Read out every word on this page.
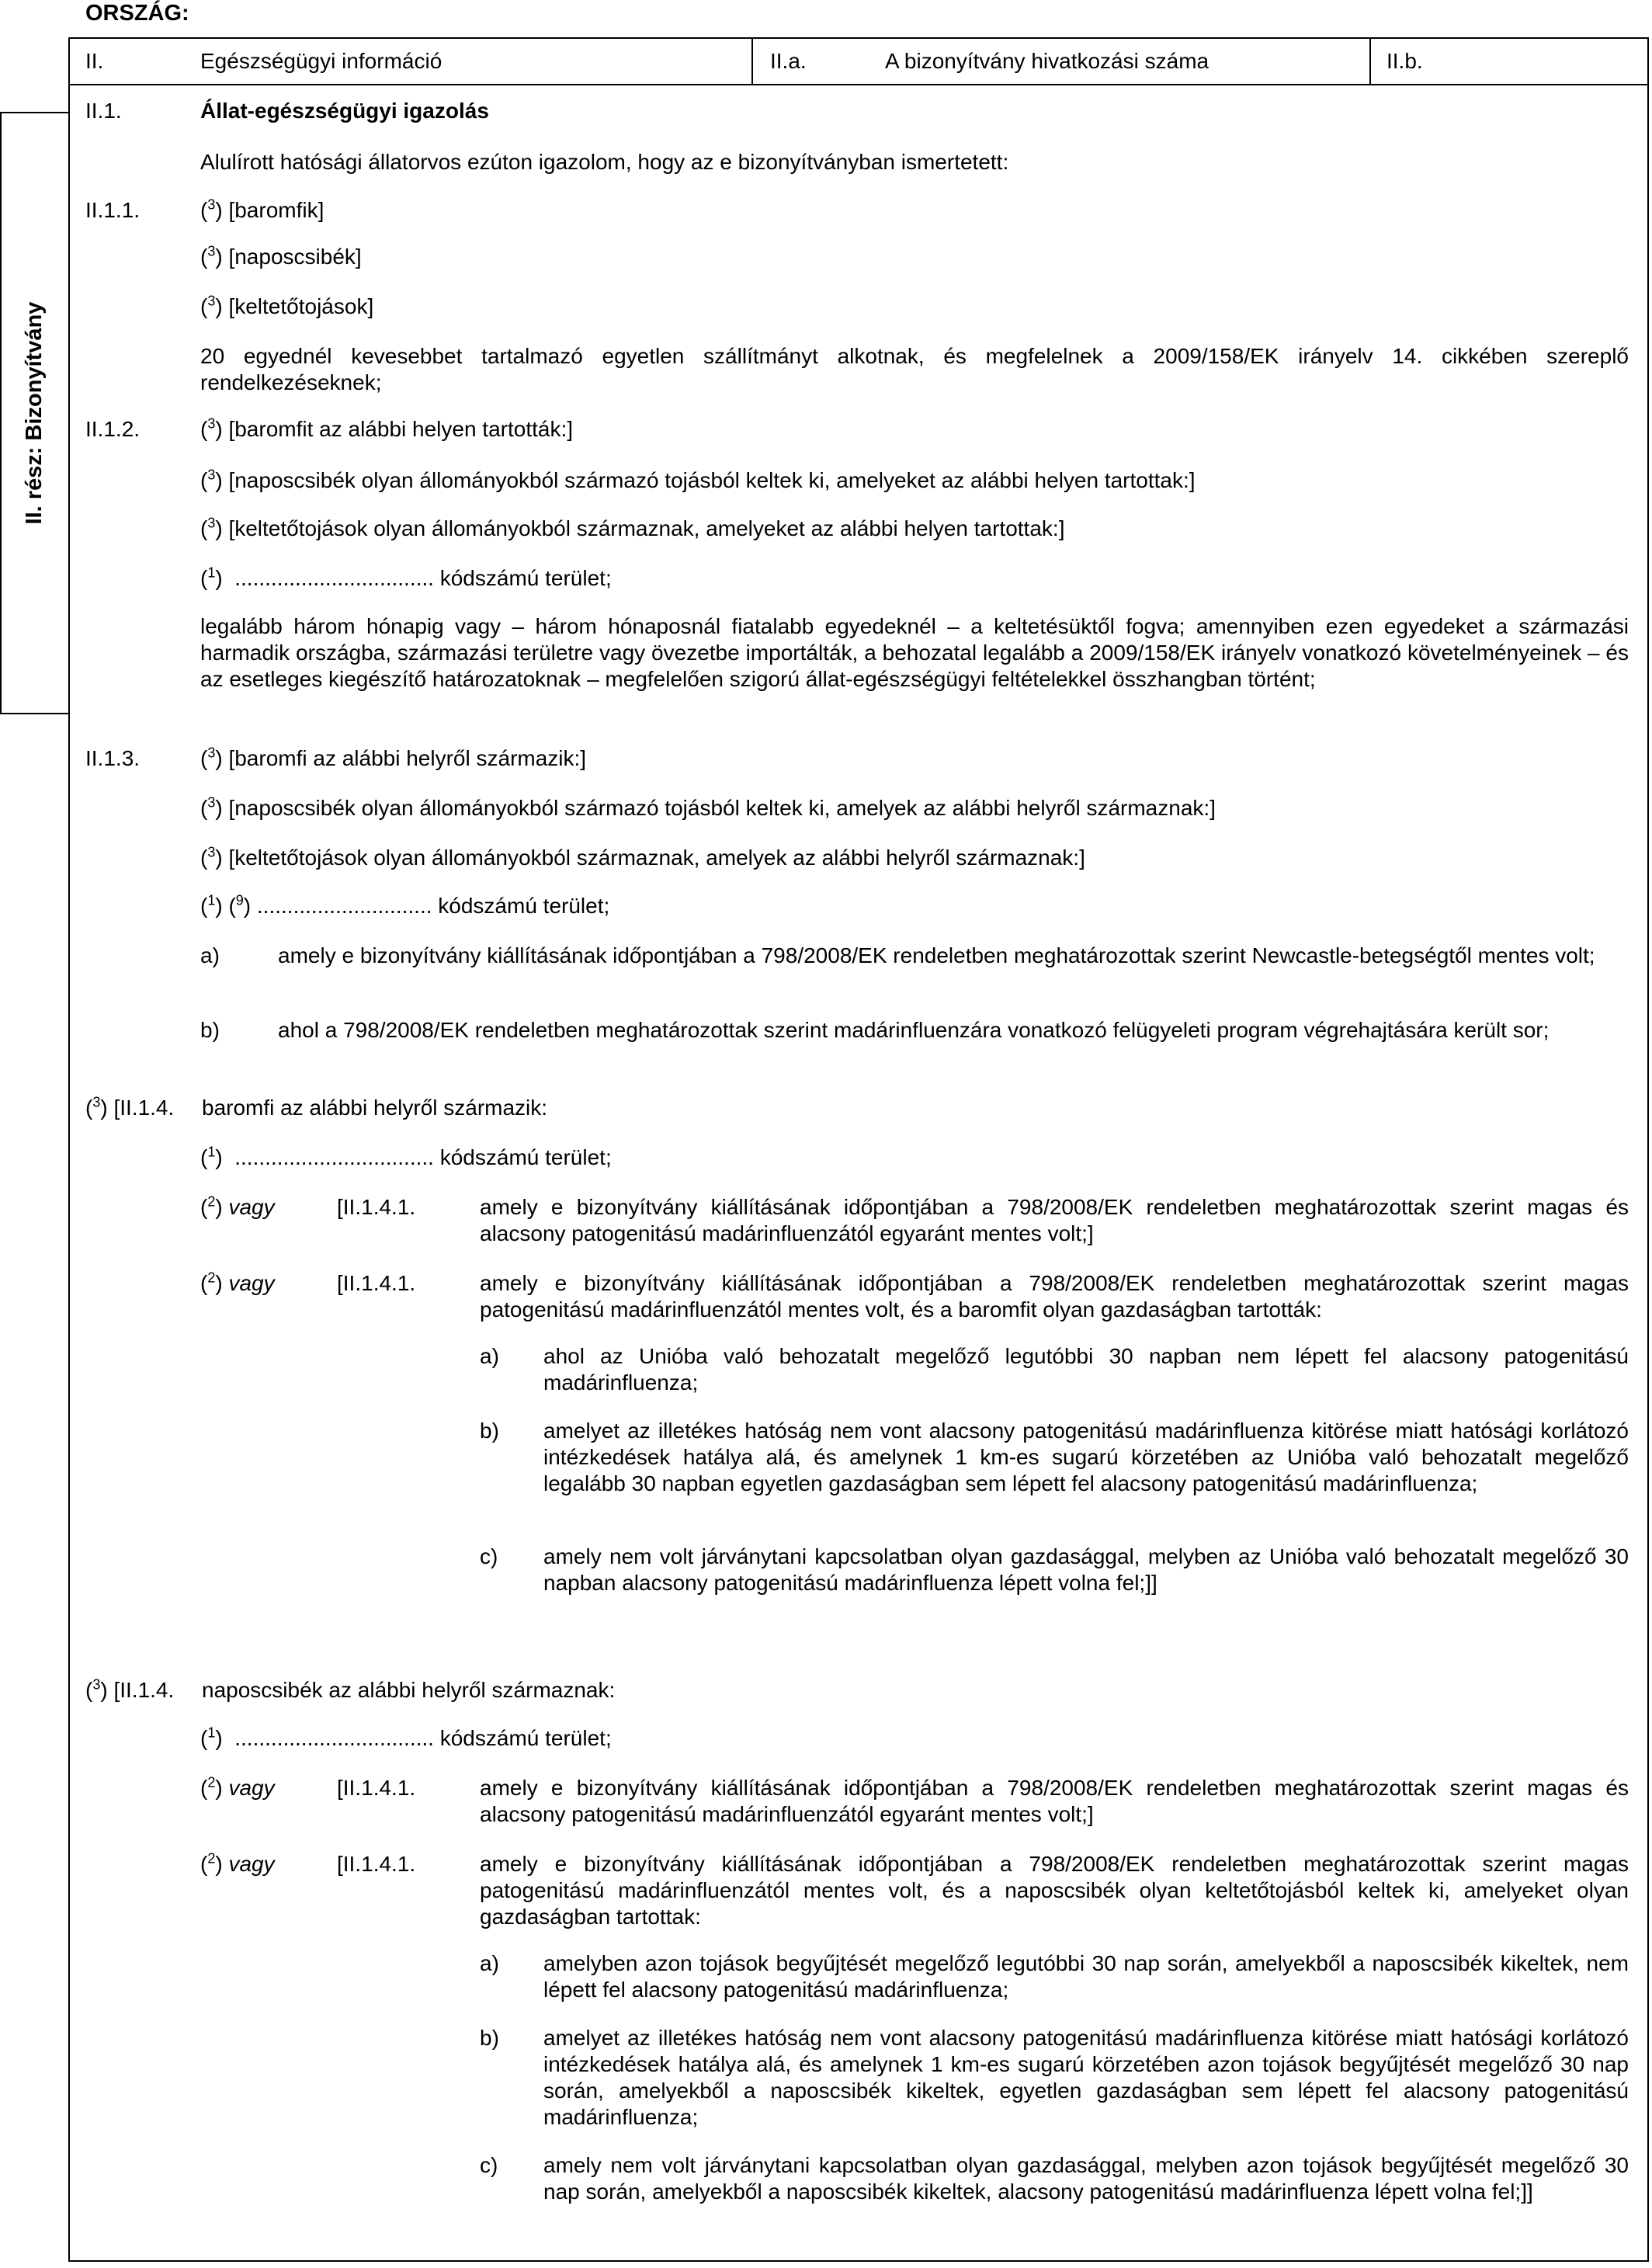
ORSZÁG:
II.	Egészségügyi információ	II.a.	A bizonyítvány hivatkozási száma	II.b.
II. rész: Bizonyítvány
II.1.	Állat-egészségügyi igazolás
Alulírott hatósági állatorvos ezúton igazolom, hogy az e bizonyítványban ismertetett:
II.1.1.	($^3$) [baromfik]
($^3$) [naposcsibék]
($^3$) [keltetőtojások]
20 egyednél kevesebbet tartalmazó egyetlen szállítmányt alkotnak, és megfelelnek a 2009/158/EK irányelv 14. cikkében szereplő rendelkezéseknek;
II.1.2.	($^3$) [baromfit az alábbi helyen tartották:]
($^3$) [naposcsibék olyan állományokból származó tojásból keltek ki, amelyeket az alábbi helyen tartottak:]
($^3$) [keltetőtojások olyan állományokból származnak, amelyeket az alábbi helyen tartottak:]
($^1$)  ................................. kódszámú terület;
legalább három hónapig vagy – három hónaposnál fiatalabb egyedeknél – a keltetésüktől fogva; amennyiben ezen egyedeket a származási harmadik országba, származási területre vagy övezetbe importálták, a behozatal legalább a 2009/158/EK irányelv vonatkozó követelményeinek – és az esetleges kiegészítő határozatoknak – megfelelően szigorú állat-egészségügyi feltételekkel összhangban történt;
II.1.3.	($^3$) [baromfi az alábbi helyről származik:]
($^3$) [naposcsibék olyan állományokból származó tojásból keltek ki, amelyek az alábbi helyről származnak:]
($^3$) [keltetőtojások olyan állományokból származnak, amelyek az alábbi helyről származnak:]
($^1$) ($^9$) ............................. kódszámú terület;
a)	amely e bizonyítvány kiállításának időpontjában a 798/2008/EK rendeletben meghatározottak szerint Newcastle-betegségtől mentes volt;
b)	ahol a 798/2008/EK rendeletben meghatározottak szerint madárinfluenzára vonatkozó felügyeleti program végrehajtására került sor;
($^3$) [II.1.4. baromfi az alábbi helyről származik:
($^1$)  ................................. kódszámú terület;
($^2$) vagy	[II.1.4.1.	amely e bizonyítvány kiállításának időpontjában a 798/2008/EK rendeletben meghatározottak szerint magas és alacsony patogenitású madárinfluenzától egyaránt mentes volt;]
($^2$) vagy	[II.1.4.1.	amely e bizonyítvány kiállításának időpontjában a 798/2008/EK rendeletben meghatározottak szerint magas patogenitású madárinfluenzától mentes volt, és a baromfit olyan gazdaságban tartották:
a) ahol az Unióba való behozatalt megelőző legutóbbi 30 napban nem lépett fel alacsony patogenitású madárinfluenza;
b) amelyet az illetékes hatóság nem vont alacsony patogenitású madárinfluenza kitörése miatt hatósági korlátozó intézkedések hatálya alá, és amelynek 1 km-es sugarú körzetében az Unióba való behozatalt megelőző legalább 30 napban egyetlen gazdaságban sem lépett fel alacsony patogenitású madárinfluenza;
c) amely nem volt járványtani kapcsolatban olyan gazdasággal, melyben az Unióba való behozatalt megelőző 30 napban alacsony patogenitású madárinfluenza lépett volna fel;]]
($^3$) [II.1.4. naposcsibék az alábbi helyről származnak:
($^1$)  ................................. kódszámú terület;
($^2$) vagy	[II.1.4.1.	amely e bizonyítvány kiállításának időpontjában a 798/2008/EK rendeletben meghatározottak szerint magas és alacsony patogenitású madárinfluenzától egyaránt mentes volt;]
($^2$) vagy	[II.1.4.1.	amely e bizonyítvány kiállításának időpontjában a 798/2008/EK rendeletben meghatározottak szerint magas patogenitású madárinfluenzától mentes volt, és a naposcsibék olyan keltetőtojásból keltek ki, amelyeket olyan gazdaságban tartottak:
a) amelyben azon tojások begyűjtését megelőző legutóbbi 30 nap során, amelyekből a naposcsibék kikeltek, nem lépett fel alacsony patogenitású madárinfluenza;
b) amelyet az illetékes hatóság nem vont alacsony patogenitású madárinfluenza kitörése miatt hatósági korlátozó intézkedések hatálya alá, és amelynek 1 km-es sugarú körzetében azon tojások begyűjtését megelőző 30 nap során, amelyekből a naposcsibék kikeltek, egyetlen gazdaságban sem lépett fel alacsony patogenitású madárinfluenza;
c) amely nem volt járványtani kapcsolatban olyan gazdasággal, melyben azon tojások begyűjtését megelőző 30 nap során, amelyekből a naposcsibék kikeltek, alacsony patogenitású madárinfluenza lépett volna fel;]]
